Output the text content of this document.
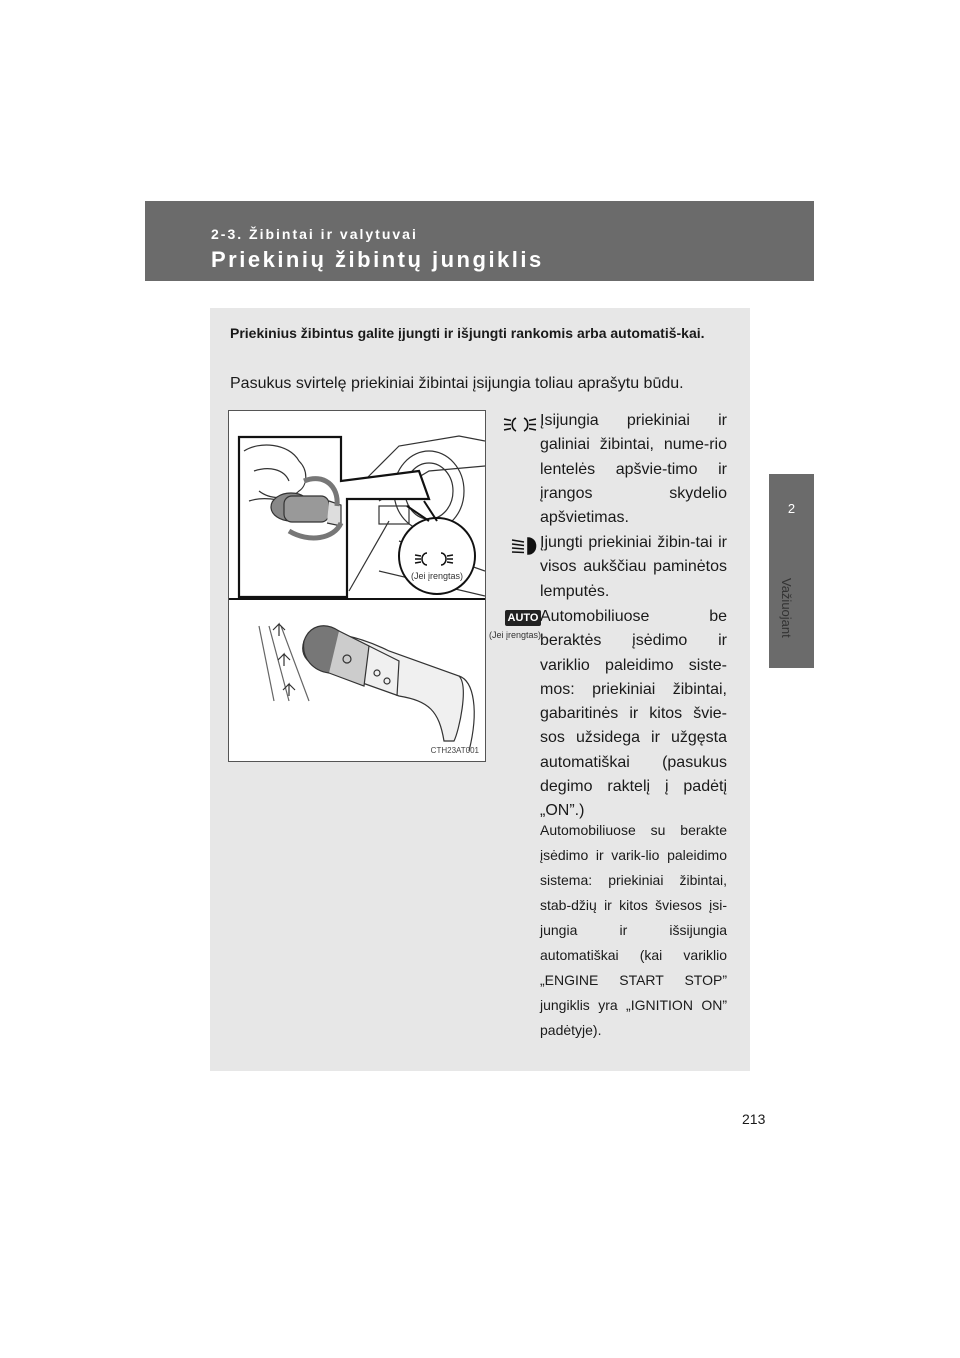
2-3. Žibintai ir valytuvai
Priekinių žibintų jungiklis
2
Važiuojant
Priekinius žibintus galite įjungti ir išjungti rankomis arba automatiš-kai.
Pasukus svirtelę priekiniai žibintai įsijungia toliau aprašytu būdu.
(Jei įrengtas)
CTH23AT001
Įsijungia priekiniai ir galiniai žibintai, nume-rio lentelės apšvie-timo ir įrangos skydelio apšvietimas.
Įjungti priekiniai žibin-tai ir visos aukščiau paminėtos lemputės.
AUTO
(Jei įrengtas)
Automobiliuose be beraktės įsėdimo ir variklio paleidimo siste-mos: priekiniai žibintai, gabaritinės ir kitos švie-sos užsidega ir užgęsta automatiškai (pasukus degimo raktelį į padėtį „ON”.)
Automobiliuose su berakte įsėdimo ir varik-lio paleidimo sistema: priekiniai žibintai, stab-džių ir kitos šviesos įsi-jungia ir išsijungia automatiškai (kai variklio „ENGINE START STOP” jungiklis yra „IGNITION ON” padėtyje).
213
